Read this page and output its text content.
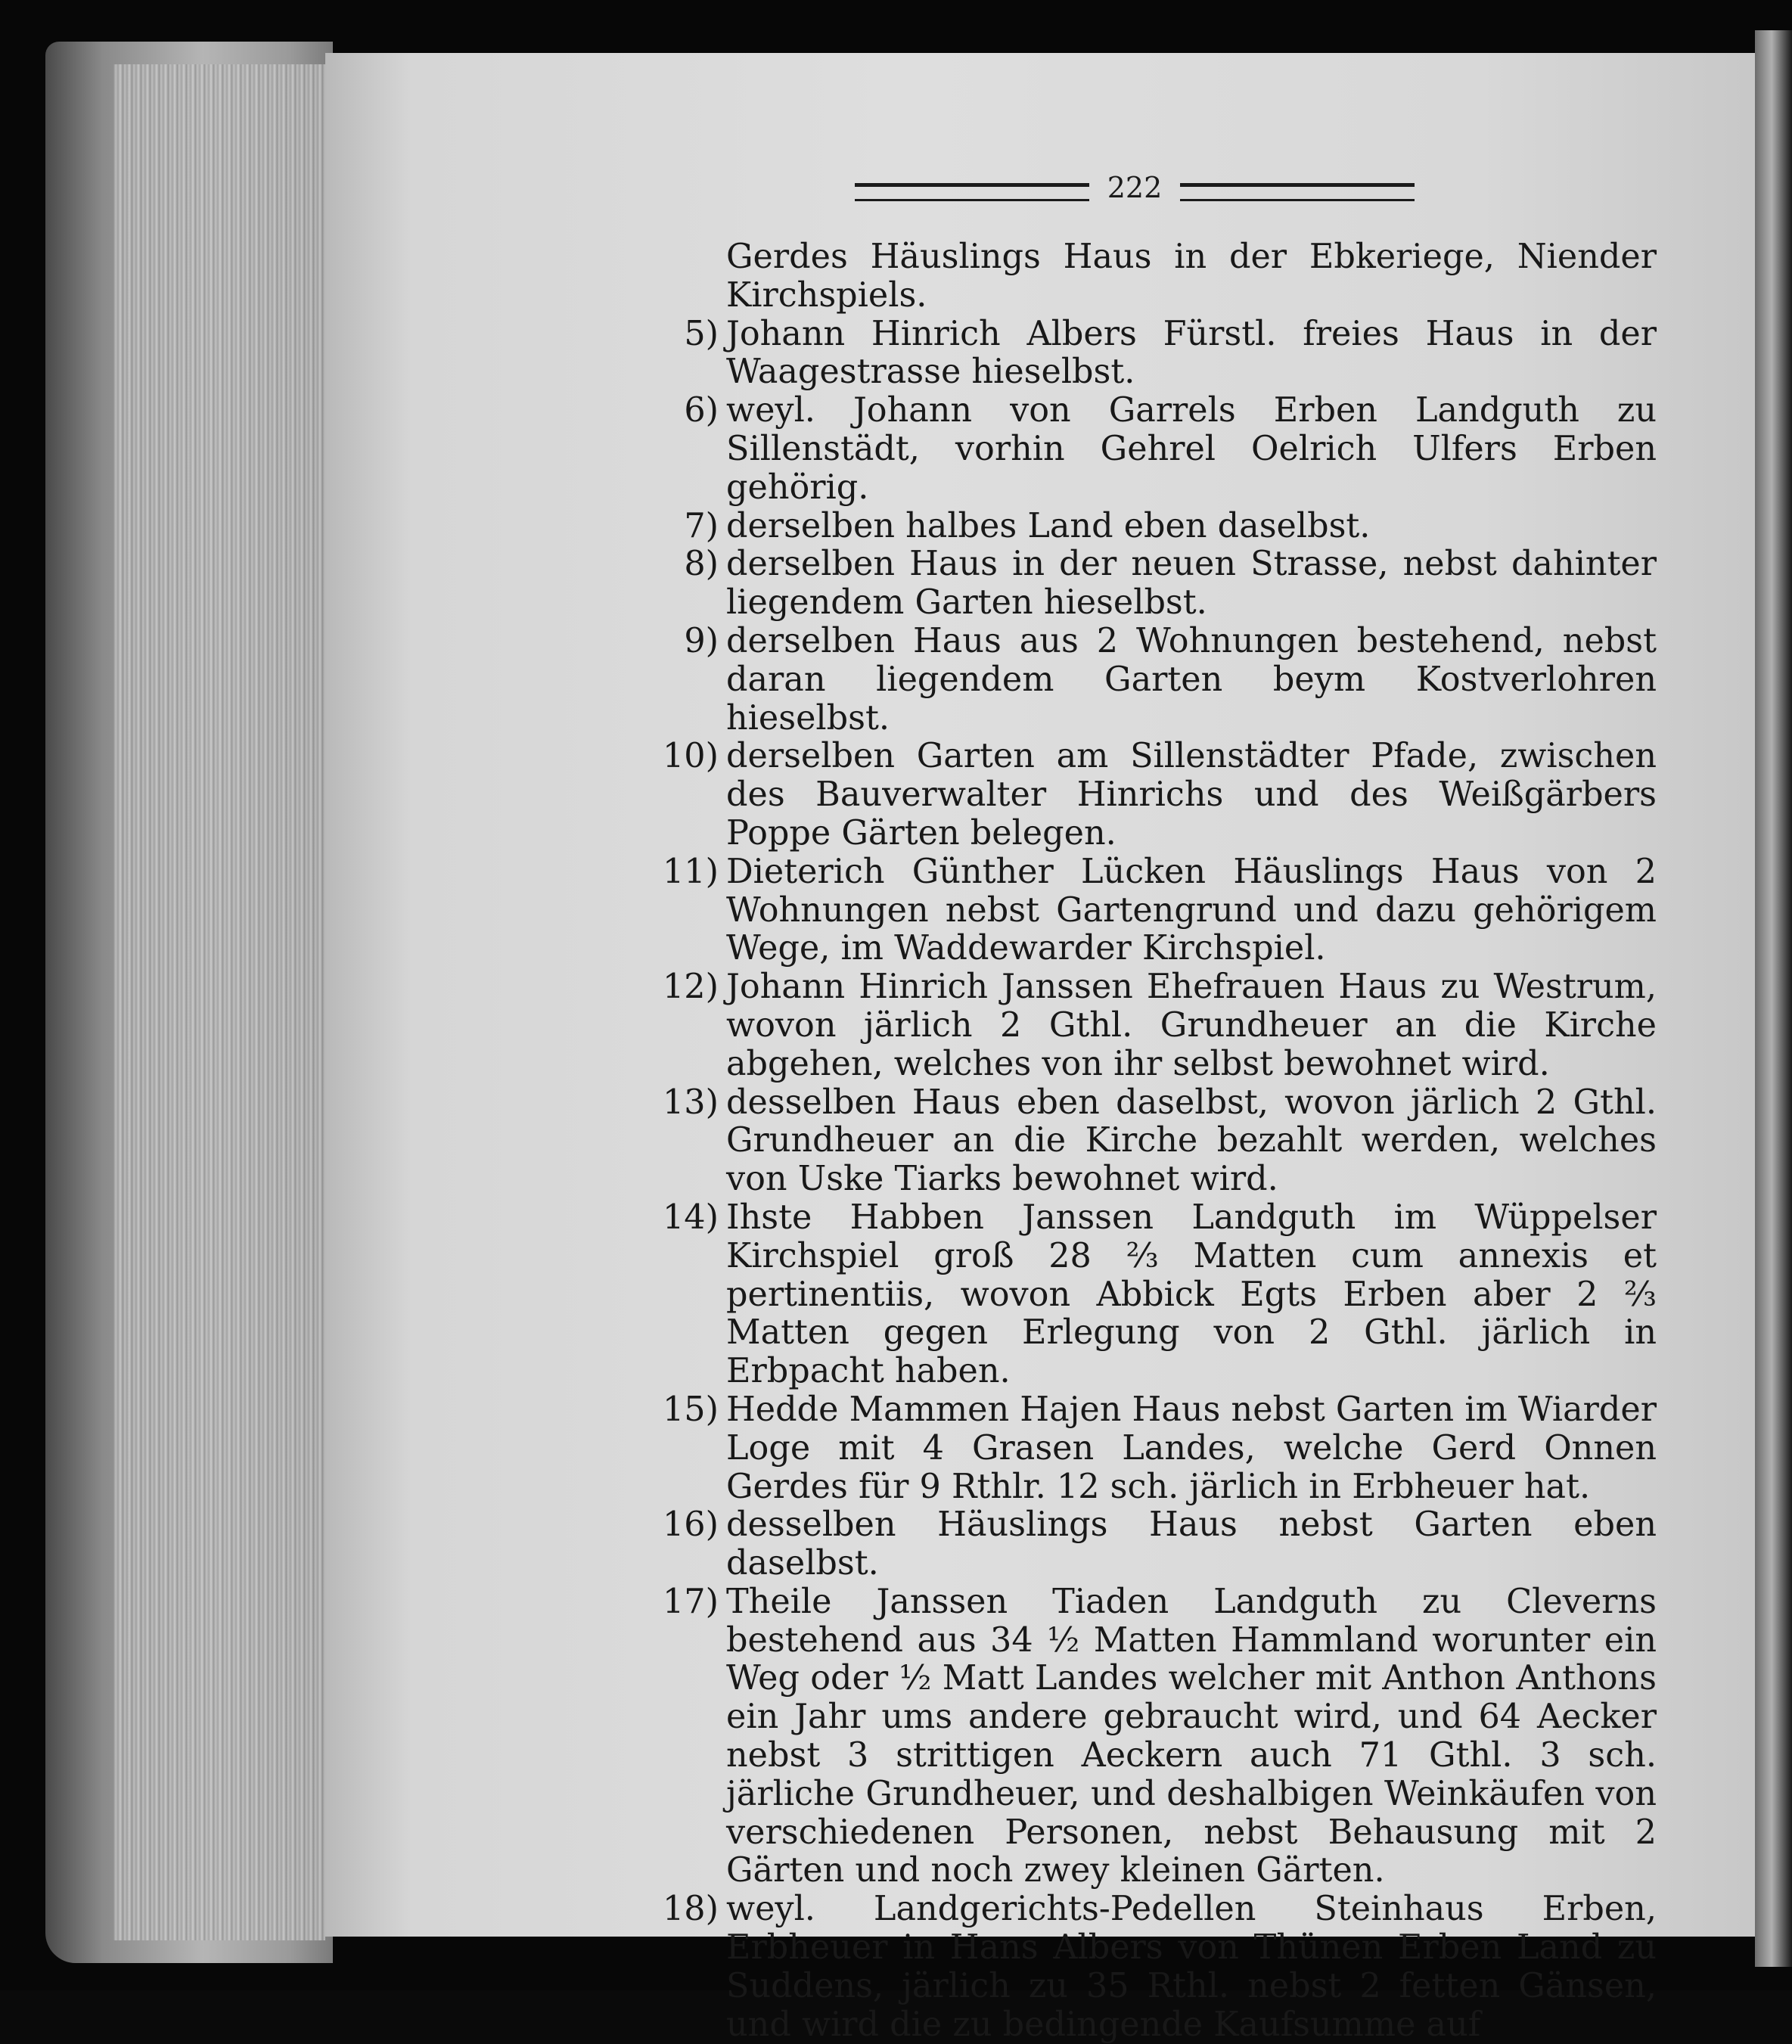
222
Gerdes Häuslings Haus in der Ebkeriege, Niender Kirchspiels.
5) Johann Hinrich Albers Fürstl. freies Haus in der Waagestrasse hieselbst.
6) weyl. Johann von Garrels Erben Landguth zu Sillenstädt, vorhin Gehrel Oelrich Ulfers Erben gehörig.
7) derselben halbes Land eben daselbst.
8) derselben Haus in der neuen Strasse, nebst dahinter liegendem Garten hieselbst.
9) derselben Haus aus 2 Wohnungen bestehend, nebst daran liegendem Garten beym Kostverlohren hieselbst.
10) derselben Garten am Sillenstädter Pfade, zwischen des Bauverwalter Hinrichs und des Weißgärbers Poppe Gärten belegen.
11) Dieterich Günther Lücken Häuslings Haus von 2 Wohnungen nebst Gartengrund und dazu gehörigem Wege, im Waddewarder Kirchspiel.
12) Johann Hinrich Janssen Ehefrauen Haus zu Westrum, wovon järlich 2 Gthl. Grundheuer an die Kirche abgehen, welches von ihr selbst bewohnet wird.
13) desselben Haus eben daselbst, wovon järlich 2 Gthl. Grundheuer an die Kirche bezahlt werden, welches von Uske Tiarks bewohnet wird.
14) Ihste Habben Janssen Landguth im Wüppelser Kirchspiel groß 28 ⅔ Matten cum annexis et pertinentiis, wovon Abbick Egts Erben aber 2 ⅔ Matten gegen Erlegung von 2 Gthl. järlich in Erbpacht haben.
15) Hedde Mammen Hajen Haus nebst Garten im Wiarder Loge mit 4 Grasen Landes, welche Gerd Onnen Gerdes für 9 Rthlr. 12 sch. järlich in Erbheuer hat.
16) desselben Häuslings Haus nebst Garten eben daselbst.
17) Theile Janssen Tiaden Landguth zu Cleverns bestehend aus 34 ½ Matten Hammland worunter ein Weg oder ½ Matt Landes welcher mit Anthon Anthons ein Jahr ums andere gebraucht wird, und 64 Aecker nebst 3 strittigen Aeckern auch 71 Gthl. 3 sch. järliche Grundheuer, und deshalbigen Weinkäufen von verschiedenen Personen, nebst Behausung mit 2 Gärten und noch zwey kleinen Gärten.
18) weyl. Landgerichts-Pedellen Steinhaus Erben, Erbheuer in Hans Albers von Thünen Erben Land zu Suddens, järlich zu 35 Rthl. nebst 2 fetten Gänsen, und wird die zu bedingende Kaufsumme auf
